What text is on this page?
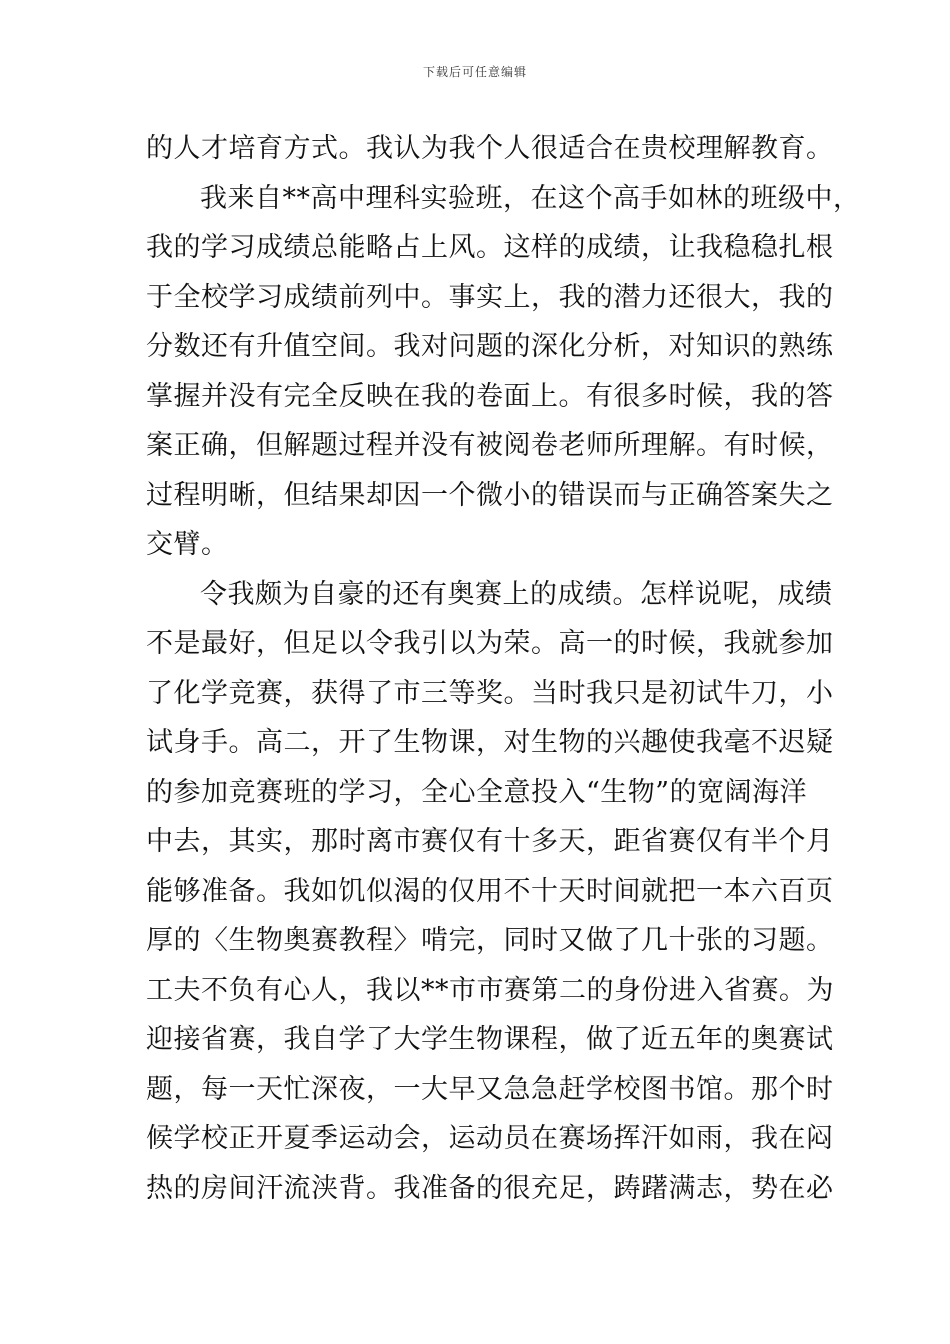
下载后可任意编辑
的人才培育方式。我认为我个人很适合在贵校理解教育。
我来自**高中理科实验班，在这个高手如林的班级中，
我的学习成绩总能略占上风。这样的成绩，让我稳稳扎根
于全校学习成绩前列中。事实上，我的潜力还很大，我的
分数还有升值空间。我对问题的深化分析，对知识的熟练
掌握并没有完全反映在我的卷面上。有很多时候，我的答
案正确，但解题过程并没有被阅卷老师所理解。有时候，
过程明晰，但结果却因一个微小的错误而与正确答案失之
交臂。
令我颇为自豪的还有奥赛上的成绩。怎样说呢，成绩
不是最好，但足以令我引以为荣。高一的时候，我就参加
了化学竞赛，获得了市三等奖。当时我只是初试牛刀，小
试身手。高二，开了生物课，对生物的兴趣使我毫不迟疑
的参加竞赛班的学习，全心全意投入“生物”的宽阔海洋
中去，其实，那时离市赛仅有十多天，距省赛仅有半个月
能够准备。我如饥似渴的仅用不十天时间就把一本六百页
厚的〈生物奥赛教程〉啃完，同时又做了几十张的习题。
工夫不负有心人，我以**市市赛第二的身份进入省赛。为
迎接省赛，我自学了大学生物课程，做了近五年的奥赛试
题，每一天忙深夜，一大早又急急赶学校图书馆。那个时
候学校正开夏季运动会，运动员在赛场挥汗如雨，我在闷
热的房间汗流浃背。我准备的很充足，踌躇满志，势在必
